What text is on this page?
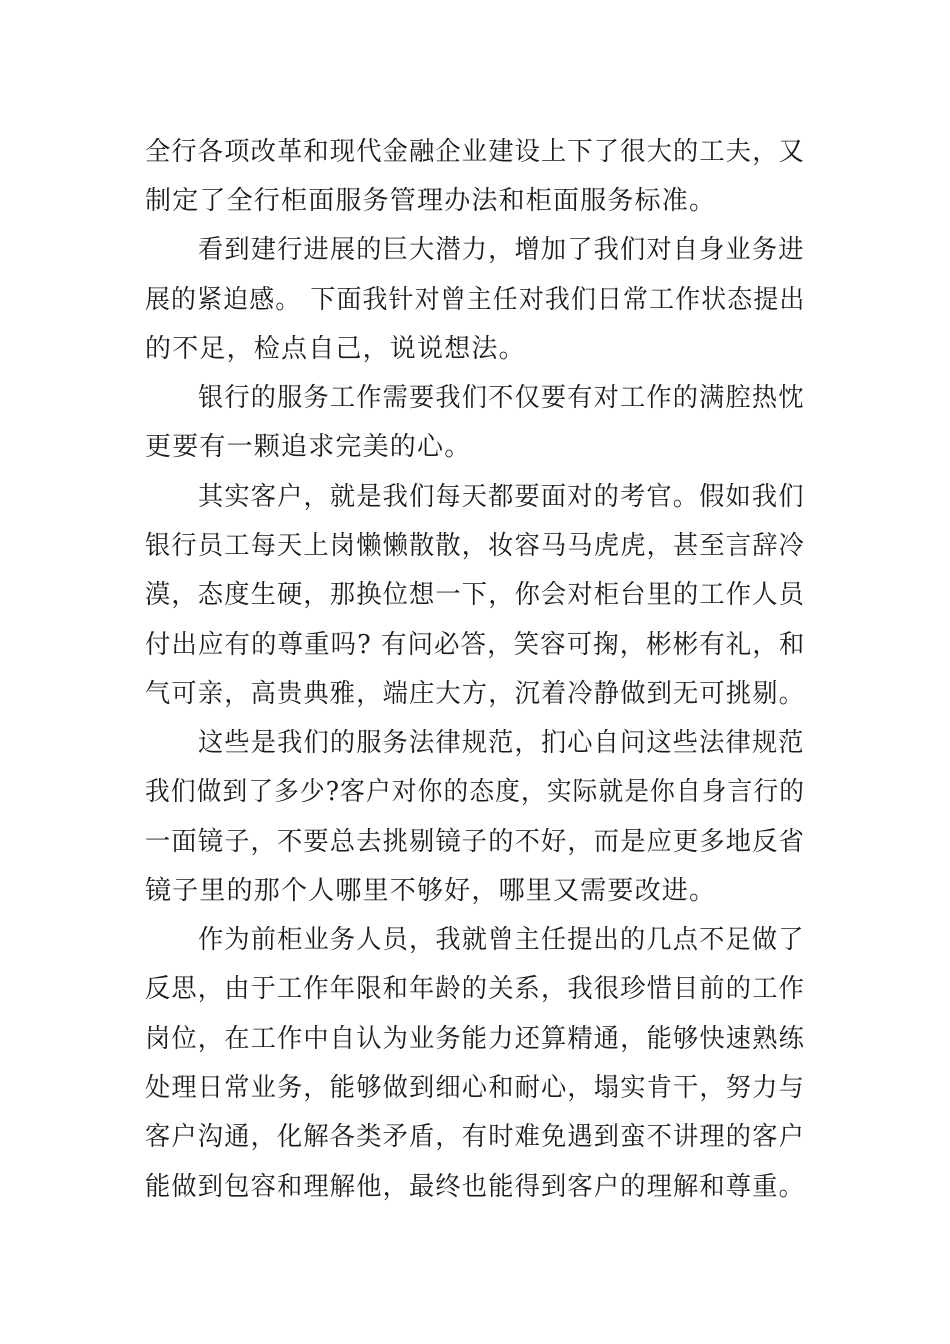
全行各项改革和现代金融企业建设上下了很大的工夫，又
制定了全行柜面服务管理办法和柜面服务标准。
看到建行进展的巨大潜力，增加了我们对自身业务进
展的紧迫感。 下面我针对曾主任对我们日常工作状态提出
的不足，检点自己，说说想法。
银行的服务工作需要我们不仅要有对工作的满腔热忱
更要有一颗追求完美的心。
其实客户，就是我们每天都要面对的考官。假如我们
银行员工每天上岗懒懒散散，妆容马马虎虎，甚至言辞冷
漠，态度生硬，那换位想一下，你会对柜台里的工作人员
付出应有的尊重吗? 有问必答，笑容可掬，彬彬有礼，和
气可亲，高贵典雅，端庄大方，沉着冷静做到无可挑剔。
这些是我们的服务法律规范，扪心自问这些法律规范
我们做到了多少?客户对你的态度，实际就是你自身言行的
一面镜子，不要总去挑剔镜子的不好，而是应更多地反省
镜子里的那个人哪里不够好，哪里又需要改进。
作为前柜业务人员，我就曾主任提出的几点不足做了
反思，由于工作年限和年龄的关系，我很珍惜目前的工作
岗位，在工作中自认为业务能力还算精通，能够快速熟练
处理日常业务，能够做到细心和耐心，塌实肯干，努力与
客户沟通，化解各类矛盾，有时难免遇到蛮不讲理的客户
能做到包容和理解他，最终也能得到客户的理解和尊重。
